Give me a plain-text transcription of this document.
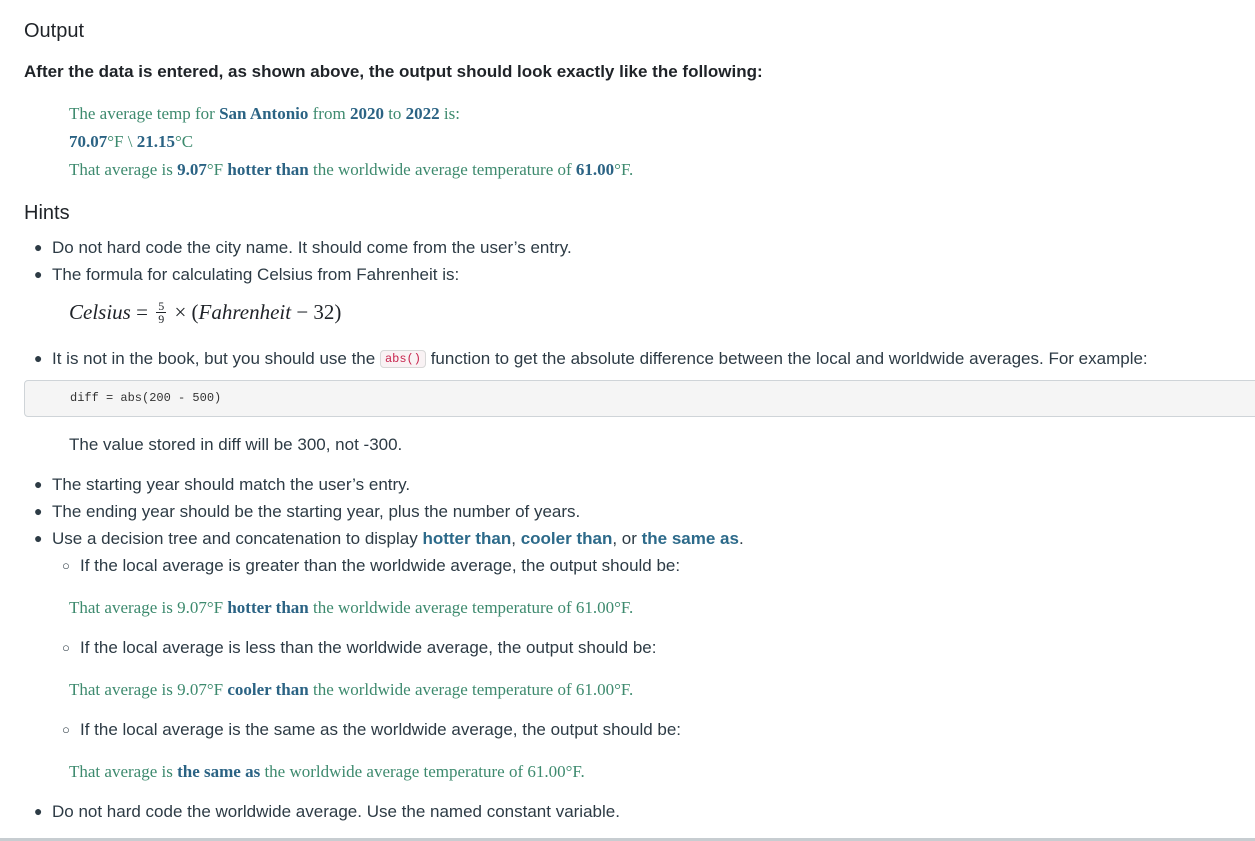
Output
After the data is entered, as shown above, the output should look exactly like the following:
The average temp for San Antonio from 2020 to 2022 is:
70.07°F \ 21.15°C
That average is 9.07°F hotter than the worldwide average temperature of 61.00°F.
Hints
● Do not hard code the city name. It should come from the user’s entry.
● The formula for calculating Celsius from Fahrenheit is:
Celsius = $\frac{5}{9}$ × (Fahrenheit − 32)
● It is not in the book, but you should use the abs() function to get the absolute difference between the local and worldwide averages. For example:
diff = abs(200 - 500)
The value stored in diff will be 300, not -300.
● The starting year should match the user’s entry.
● The ending year should be the starting year, plus the number of years.
● Use a decision tree and concatenation to display hotter than, cooler than, or the same as.
○ If the local average is greater than the worldwide average, the output should be:
That average is 9.07°F hotter than the worldwide average temperature of 61.00°F.
○ If the local average is less than the worldwide average, the output should be:
That average is 9.07°F cooler than the worldwide average temperature of 61.00°F.
○ If the local average is the same as the worldwide average, the output should be:
That average is the same as the worldwide average temperature of 61.00°F.
● Do not hard code the worldwide average. Use the named constant variable.
